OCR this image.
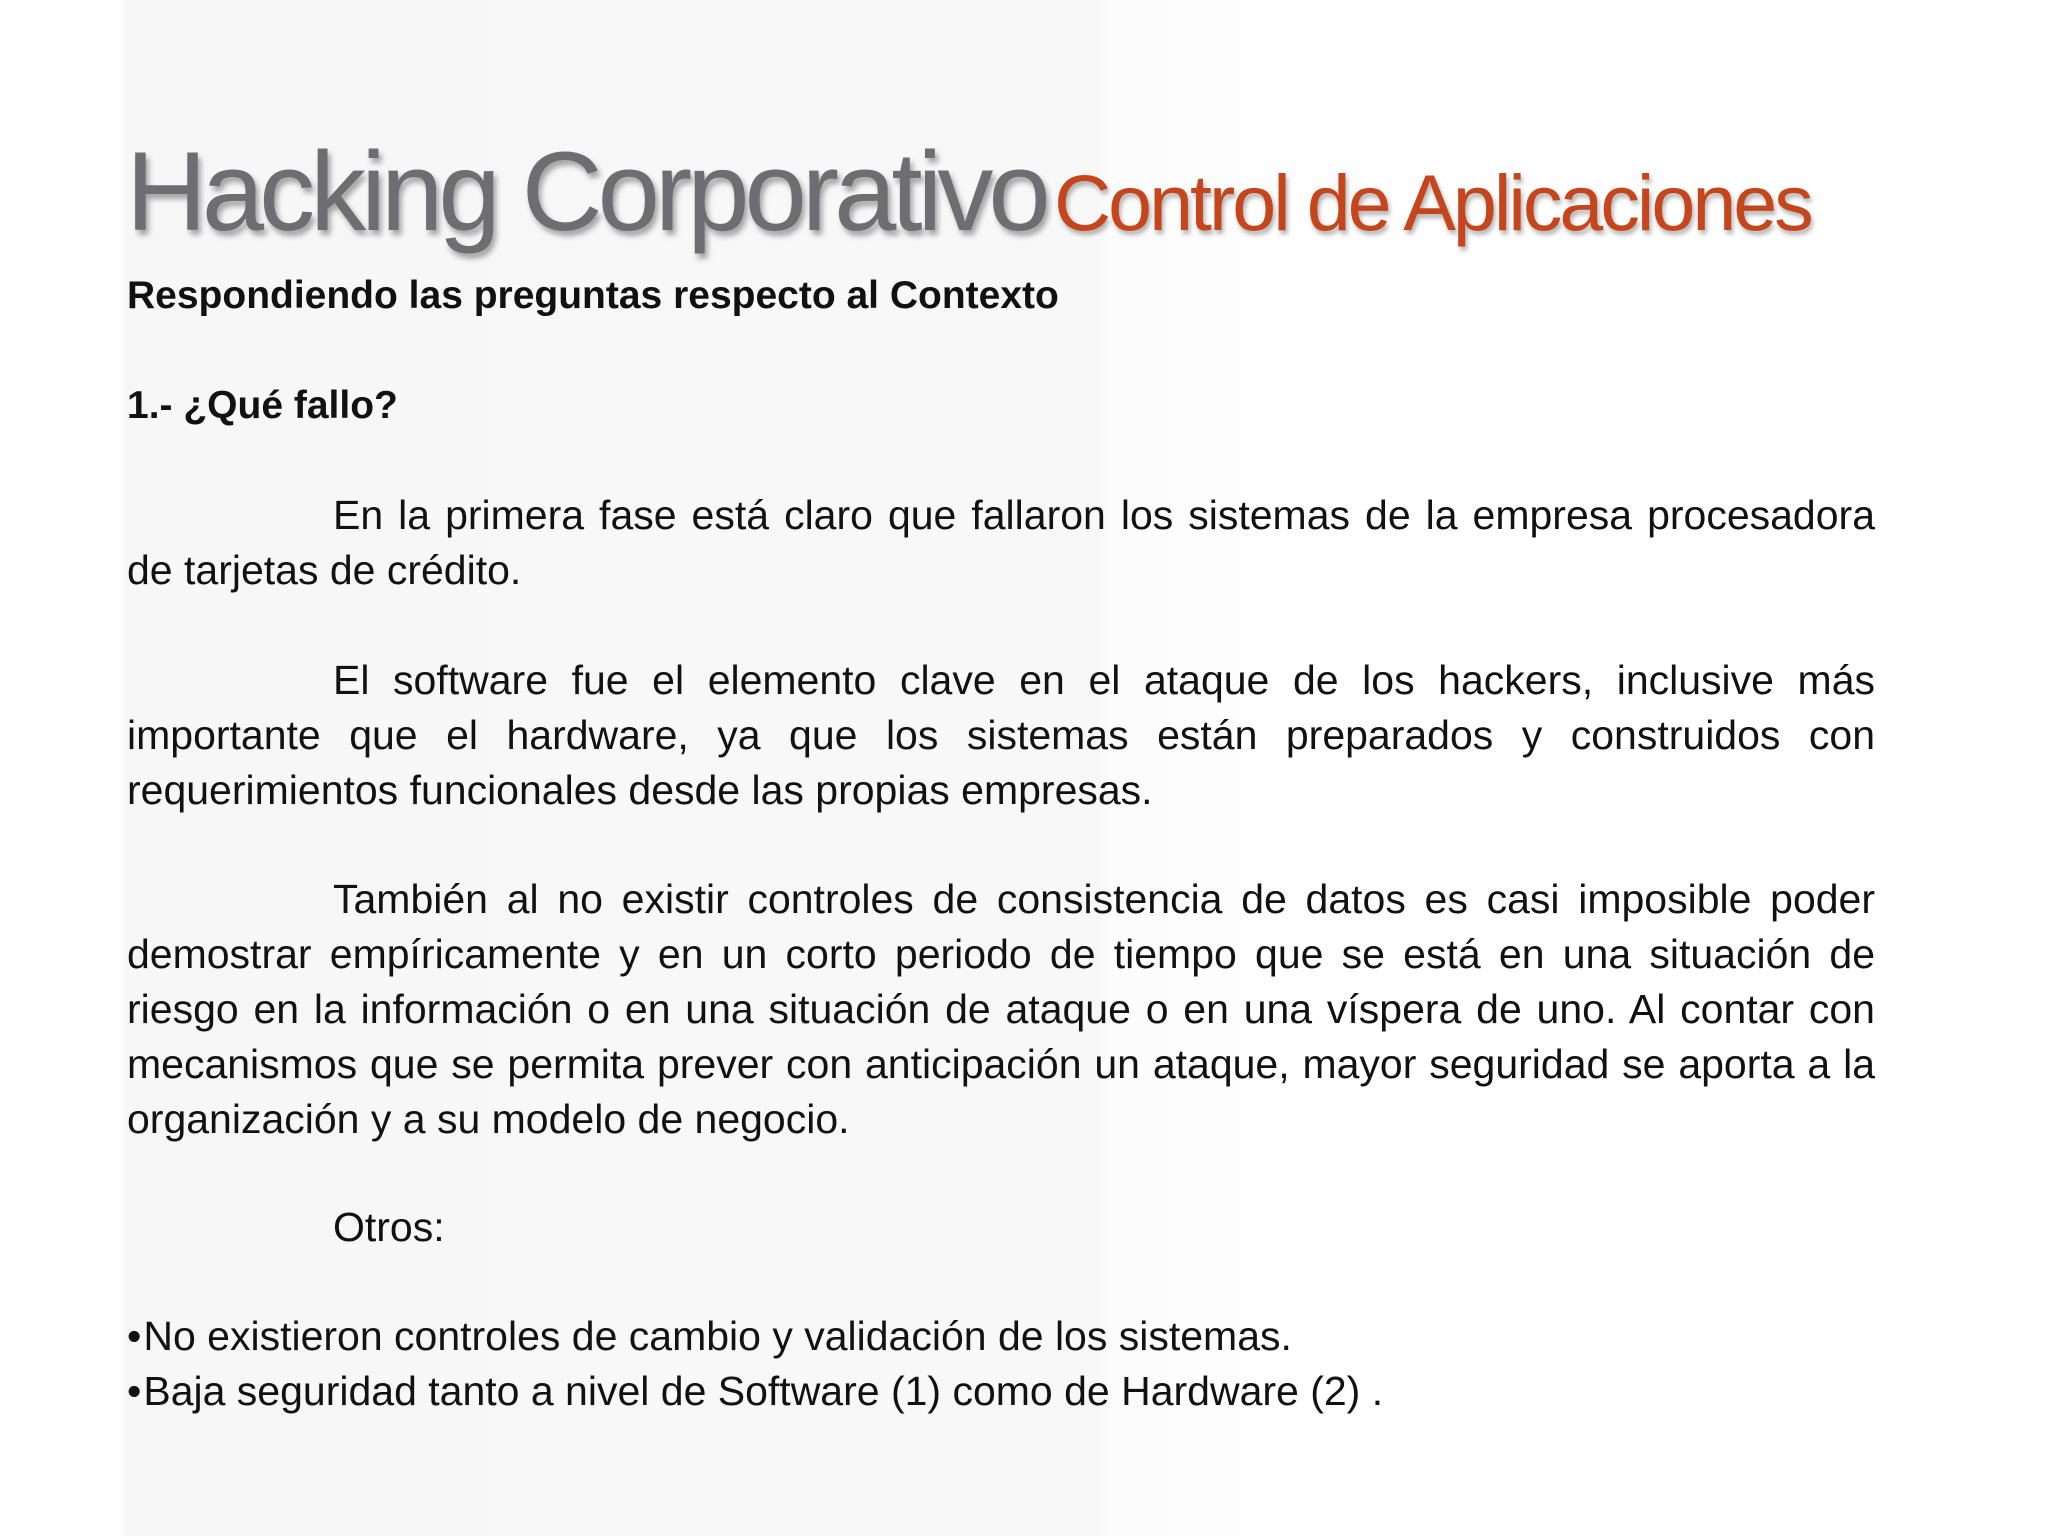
Hacking Corporativo Control de Aplicaciones
Respondiendo las preguntas respecto al Contexto
1.- ¿Qué fallo?

En la primera fase está claro que fallaron los sistemas de la empresa procesadora de tarjetas de crédito.

El software fue el elemento clave en el ataque de los hackers, inclusive más importante que el hardware, ya que los sistemas están preparados y construidos con requerimientos funcionales desde las propias empresas.

También al no existir controles de consistencia de datos es casi imposible poder demostrar empíricamente y en un corto periodo de tiempo que se está en una situación de riesgo en la información o en una situación de ataque o en una víspera de uno. Al contar con mecanismos que se permita prever con anticipación un ataque, mayor seguridad se aporta a la organización y a su modelo de negocio.

Otros:

•No existieron controles de cambio y validación de los sistemas.
•Baja seguridad tanto a nivel de Software (1) como de Hardware (2) .
